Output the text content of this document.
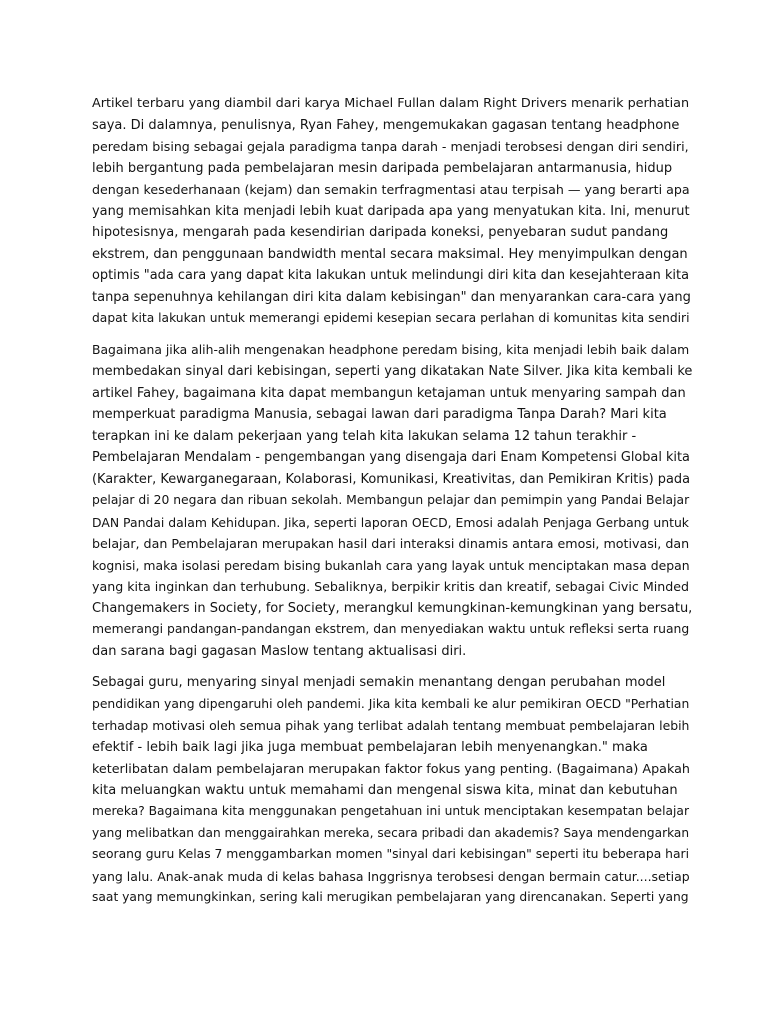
Artikel terbaru yang diambil dari karya Michael Fullan dalam Right Drivers menarik perhatian
saya. Di dalamnya, penulisnya, Ryan Fahey, mengemukakan gagasan tentang headphone
peredam bising sebagai gejala paradigma tanpa darah - menjadi terobsesi dengan diri sendiri,
lebih bergantung pada pembelajaran mesin daripada pembelajaran antarmanusia, hidup
dengan kesederhanaan (kejam) dan semakin terfragmentasi atau terpisah — yang berarti apa
yang memisahkan kita menjadi lebih kuat daripada apa yang menyatukan kita. Ini, menurut
hipotesisnya, mengarah pada kesendirian daripada koneksi, penyebaran sudut pandang
ekstrem, dan penggunaan bandwidth mental secara maksimal. Hey menyimpulkan dengan
optimis "ada cara yang dapat kita lakukan untuk melindungi diri kita dan kesejahteraan kita
tanpa sepenuhnya kehilangan diri kita dalam kebisingan" dan menyarankan cara-cara yang
dapat kita lakukan untuk memerangi epidemi kesepian secara perlahan di komunitas kita sendiri

Bagaimana jika alih-alih mengenakan headphone peredam bising, kita menjadi lebih baik dalam
membedakan sinyal dari kebisingan, seperti yang dikatakan Nate Silver. Jika kita kembali ke
artikel Fahey, bagaimana kita dapat membangun ketajaman untuk menyaring sampah dan
memperkuat paradigma Manusia, sebagai lawan dari paradigma Tanpa Darah? Mari kita
terapkan ini ke dalam pekerjaan yang telah kita lakukan selama 12 tahun terakhir -
Pembelajaran Mendalam - pengembangan yang disengaja dari Enam Kompetensi Global kita
(Karakter, Kewarganegaraan, Kolaborasi, Komunikasi, Kreativitas, dan Pemikiran Kritis) pada
pelajar di 20 negara dan ribuan sekolah. Membangun pelajar dan pemimpin yang Pandai Belajar
DAN Pandai dalam Kehidupan. Jika, seperti laporan OECD, Emosi adalah Penjaga Gerbang untuk
belajar, dan Pembelajaran merupakan hasil dari interaksi dinamis antara emosi, motivasi, dan
kognisi, maka isolasi peredam bising bukanlah cara yang layak untuk menciptakan masa depan
yang kita inginkan dan terhubung. Sebaliknya, berpikir kritis dan kreatif, sebagai Civic Minded
Changemakers in Society, for Society, merangkul kemungkinan-kemungkinan yang bersatu,
memerangi pandangan-pandangan ekstrem, dan menyediakan waktu untuk refleksi serta ruang
dan sarana bagi gagasan Maslow tentang aktualisasi diri.

Sebagai guru, menyaring sinyal menjadi semakin menantang dengan perubahan model
pendidikan yang dipengaruhi oleh pandemi. Jika kita kembali ke alur pemikiran OECD "Perhatian
terhadap motivasi oleh semua pihak yang terlibat adalah tentang membuat pembelajaran lebih
efektif - lebih baik lagi jika juga membuat pembelajaran lebih menyenangkan." maka
keterlibatan dalam pembelajaran merupakan faktor fokus yang penting. (Bagaimana) Apakah
kita meluangkan waktu untuk memahami dan mengenal siswa kita, minat dan kebutuhan
mereka? Bagaimana kita menggunakan pengetahuan ini untuk menciptakan kesempatan belajar
yang melibatkan dan menggairahkan mereka, secara pribadi dan akademis? Saya mendengarkan
seorang guru Kelas 7 menggambarkan momen "sinyal dari kebisingan" seperti itu beberapa hari
yang lalu. Anak-anak muda di kelas bahasa Inggrisnya terobsesi dengan bermain catur....setiap
saat yang memungkinkan, sering kali merugikan pembelajaran yang direncanakan. Seperti yang
